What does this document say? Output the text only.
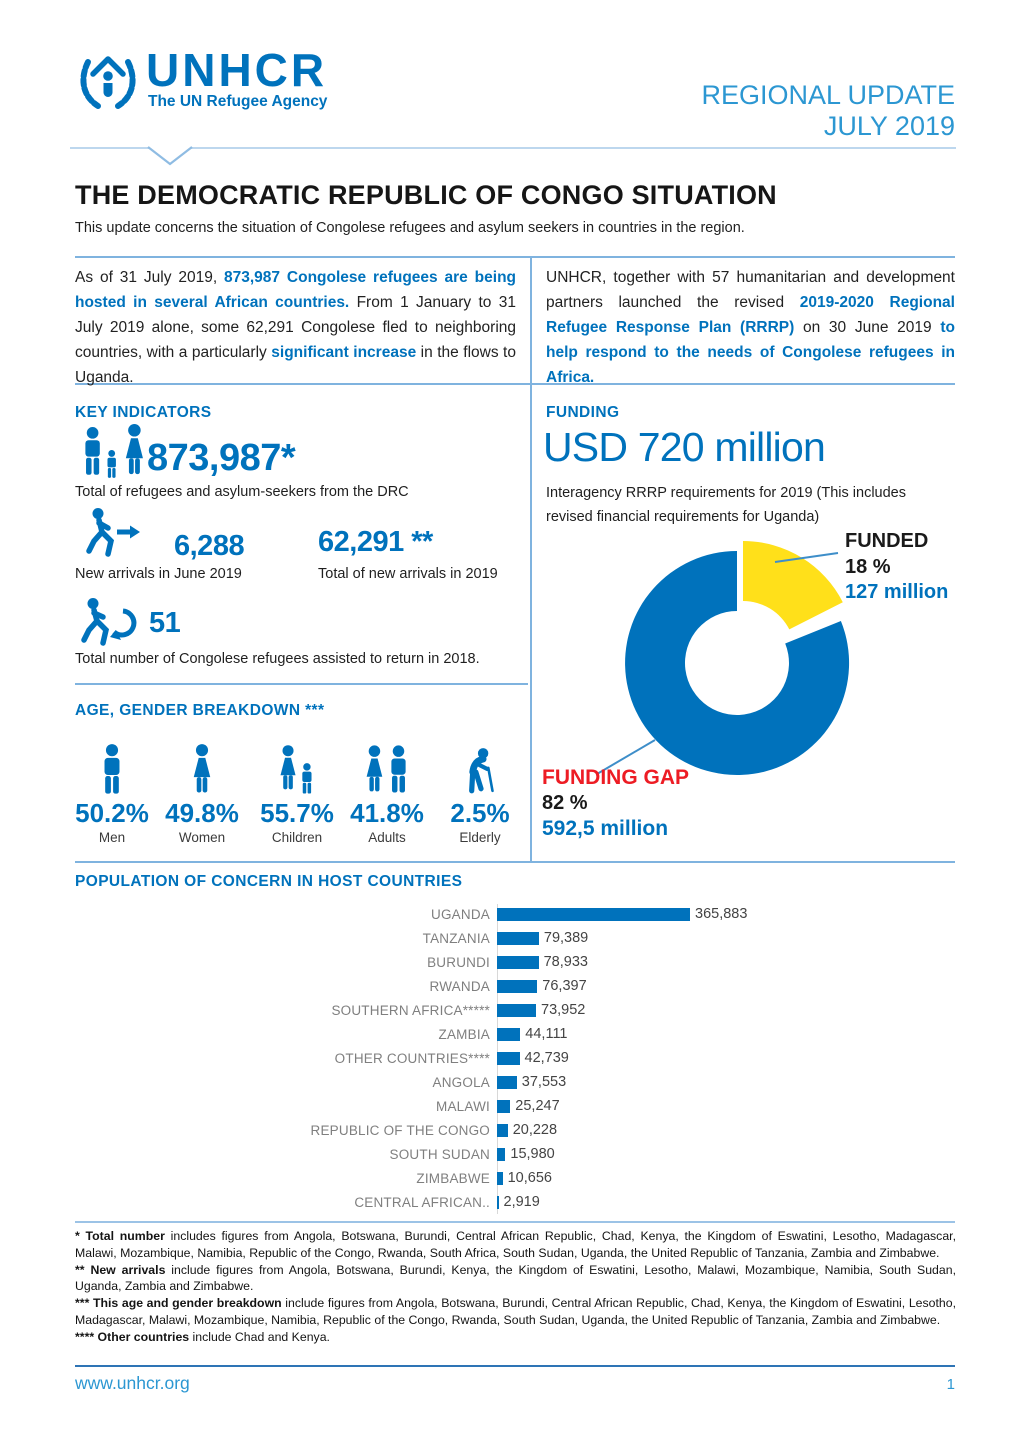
UNHCR
The UN Refugee Agency	REGIONAL UPDATE
JULY 2019
THE DEMOCRATIC REPUBLIC OF CONGO SITUATION
This update concerns the situation of Congolese refugees and asylum seekers in countries in the region.

As of 31 July 2019, 873,987 Congolese refugees are being hosted in several African countries. From 1 January to 31 July 2019 alone, some 62,291 Congolese fled to neighboring countries, with a particularly significant increase in the flows to Uganda.

UNHCR, together with 57 humanitarian and development partners launched the revised 2019-2020 Regional Refugee Response Plan (RRRP) on 30 June 2019 to help respond to the needs of Congolese refugees in Africa.

KEY INDICATORS
873,987*
Total of refugees and asylum-seekers from the DRC
6,288	62,291 **
New arrivals in June 2019	Total of new arrivals in 2019
51
Total number of Congolese refugees assisted to return in 2018.
AGE, GENDER BREAKDOWN ***
50.2%
Men
49.8%
Women
55.7%
Children
41.8%
Adults
2.5%
Elderly
FUNDING
USD 720 million
Interagency RRRP requirements for 2019 (This includes revised financial requirements for Uganda)
FUNDED
18 %
127 million
FUNDING GAP
82 %
592,5 million
POPULATION OF CONCERN IN HOST COUNTRIES
UGANDA	365,883
TANZANIA	79,389
BURUNDI	78,933
RWANDA	76,397
SOUTHERN AFRICA*****	73,952
ZAMBIA	44,111
OTHER COUNTRIES****	42,739
ANGOLA	37,553
MALAWI	25,247
REPUBLIC OF THE CONGO	20,228
SOUTH SUDAN	15,980
ZIMBABWE	10,656
CENTRAL AFRICAN.. 2,919

* Total number includes figures from Angola, Botswana, Burundi, Central African Republic, Chad, Kenya, the Kingdom of Eswatini, Lesotho, Madagascar, Malawi, Mozambique, Namibia, Republic of the Congo, Rwanda, South Africa, South Sudan, Uganda, the United Republic of Tanzania, Zambia and Zimbabwe.

** New arrivals include figures from Angola, Botswana, Burundi, Kenya, the Kingdom of Eswatini, Lesotho, Malawi, Mozambique, Namibia, South Sudan, Uganda, Zambia and Zimbabwe.

*** This age and gender breakdown include figures from Angola, Botswana, Burundi, Central African Republic, Chad, Kenya, the Kingdom of Eswatini, Lesotho, Madagascar, Malawi, Mozambique, Namibia, Republic of the Congo, Rwanda, South Sudan, Uganda, the United Republic of Tanzania, Zambia and Zimbabwe.

**** Other countries include Chad and Kenya.

www.unhcr.org	1
